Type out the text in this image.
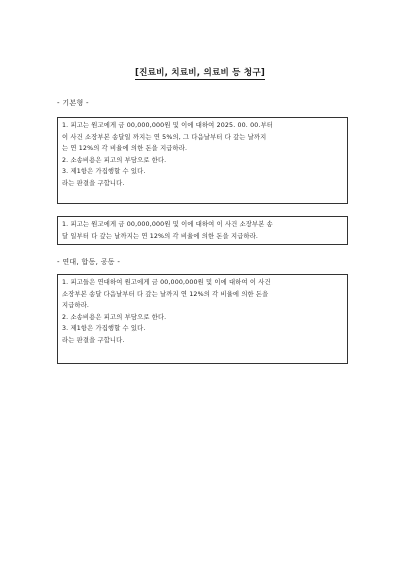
[진료비, 치료비, 의료비 등 청구]
- 기본형 -
1. 피고는 원고에게 금 00,000,000원 및 이에 대하여 2025. 00. 00.부터
이 사건 소장부본 송달일 까지는 연 5%의, 그 다음날부터 다 갚는 날까지
는 연 12%의 각 비율에 의한 돈을 지급하라.
2. 소송비용은 피고의 부담으로 한다.
3. 제1항은 가집행할 수 있다.
라는 판결을 구합니다.
1. 피고는 원고에게 금 00,000,000원 및 이에 대하여 이 사건 소장부본 송
달 일부터 다 갚는 날까지는 연 12%의 각 비율에 의한 돈을 지급하라.
- 연대, 합동, 공동 -
1. 피고들은 연대하여 원고에게 금 00,000,000원 및 이에 대하여 이 사건
소장부본 송달 다음날부터 다 갚는 날까지 연 12%의 각 비율에 의한 돈을
지급하라.
2. 소송비용은 피고의 부담으로 한다.
3. 제1항은 가집행할 수 있다.
라는 판결을 구합니다.
